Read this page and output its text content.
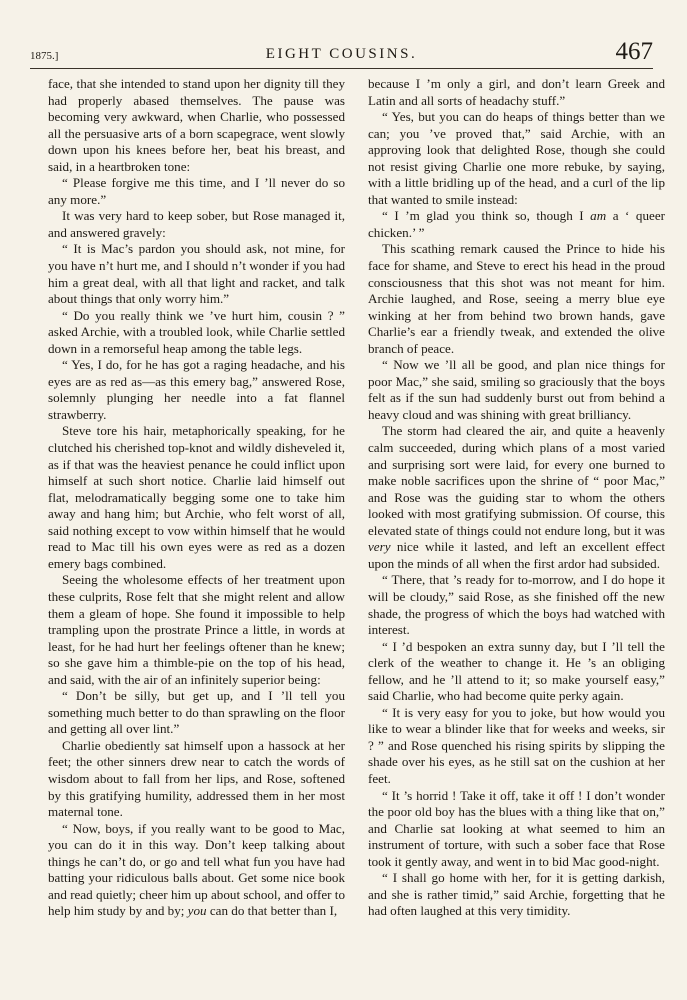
1875.]	EIGHT COUSINS.	467

face, that she intended to stand upon her dignity till they had properly abased themselves. The pause was becoming very awkward, when Charlie, who possessed all the persuasive arts of a born scapegrace, went slowly down upon his knees before her, beat his breast, and said, in a heartbroken tone:

“ Please forgive me this time, and I ’ll never do so any more.”

It was very hard to keep sober, but Rose managed it, and answered gravely:

“ It is Mac’s pardon you should ask, not mine, for you have n’t hurt me, and I should n’t wonder if you had him a great deal, with all that light and racket, and talk about things that only worry him.”

“ Do you really think we ’ve hurt him, cousin ? ” asked Archie, with a troubled look, while Charlie settled down in a remorseful heap among the table legs.

“ Yes, I do, for he has got a raging headache, and his eyes are as red as—as this emery bag,” answered Rose, solemnly plunging her needle into a fat flannel strawberry.

Steve tore his hair, metaphorically speaking, for he clutched his cherished top-knot and wildly disheveled it, as if that was the heaviest penance he could inflict upon himself at such short notice. Charlie laid himself out flat, melodramatically begging some one to take him away and hang him; but Archie, who felt worst of all, said nothing except to vow within himself that he would read to Mac till his own eyes were as red as a dozen emery bags combined.

Seeing the wholesome effects of her treatment upon these culprits, Rose felt that she might relent and allow them a gleam of hope. She found it impossible to help trampling upon the prostrate Prince a little, in words at least, for he had hurt her feelings oftener than he knew; so she gave him a thimble-pie on the top of his head, and said, with the air of an infinitely superior being:

“ Don’t be silly, but get up, and I ’ll tell you something much better to do than sprawling on the floor and getting all over lint.”

Charlie obediently sat himself upon a hassock at her feet; the other sinners drew near to catch the words of wisdom about to fall from her lips, and Rose, softened by this gratifying humility, addressed them in her most maternal tone.

“ Now, boys, if you really want to be good to Mac, you can do it in this way. Don’t keep talking about things he can’t do, or go and tell what fun you have had batting your ridiculous balls about. Get some nice book and read quietly; cheer him up about school, and offer to help him study by and by; you can do that better than I,

because I ’m only a girl, and don’t learn Greek and Latin and all sorts of headachy stuff.”

“ Yes, but you can do heaps of things better than we can; you ’ve proved that,” said Archie, with an approving look that delighted Rose, though she could not resist giving Charlie one more rebuke, by saying, with a little bridling up of the head, and a curl of the lip that wanted to smile instead:

“ I ’m glad you think so, though I am a ‘ queer chicken.’ ”

This scathing remark caused the Prince to hide his face for shame, and Steve to erect his head in the proud consciousness that this shot was not meant for him. Archie laughed, and Rose, seeing a merry blue eye winking at her from behind two brown hands, gave Charlie’s ear a friendly tweak, and extended the olive branch of peace.

“ Now we ’ll all be good, and plan nice things for poor Mac,” she said, smiling so graciously that the boys felt as if the sun had suddenly burst out from behind a heavy cloud and was shining with great brilliancy.

The storm had cleared the air, and quite a heavenly calm succeeded, during which plans of a most varied and surprising sort were laid, for every one burned to make noble sacrifices upon the shrine of “ poor Mac,” and Rose was the guiding star to whom the others looked with most gratifying submission. Of course, this elevated state of things could not endure long, but it was very nice while it lasted, and left an excellent effect upon the minds of all when the first ardor had subsided.

“ There, that ’s ready for to-morrow, and I do hope it will be cloudy,” said Rose, as she finished off the new shade, the progress of which the boys had watched with interest.

“ I ’d bespoken an extra sunny day, but I ’ll tell the clerk of the weather to change it. He ’s an obliging fellow, and he ’ll attend to it; so make yourself easy,” said Charlie, who had become quite perky again.

“ It is very easy for you to joke, but how would you like to wear a blinder like that for weeks and weeks, sir ? ” and Rose quenched his rising spirits by slipping the shade over his eyes, as he still sat on the cushion at her feet.

“ It ’s horrid ! Take it off, take it off ! I don’t wonder the poor old boy has the blues with a thing like that on,” and Charlie sat looking at what seemed to him an instrument of torture, with such a sober face that Rose took it gently away, and went in to bid Mac good-night.

“ I shall go home with her, for it is getting darkish, and she is rather timid,” said Archie, forgetting that he had often laughed at this very timidity.
